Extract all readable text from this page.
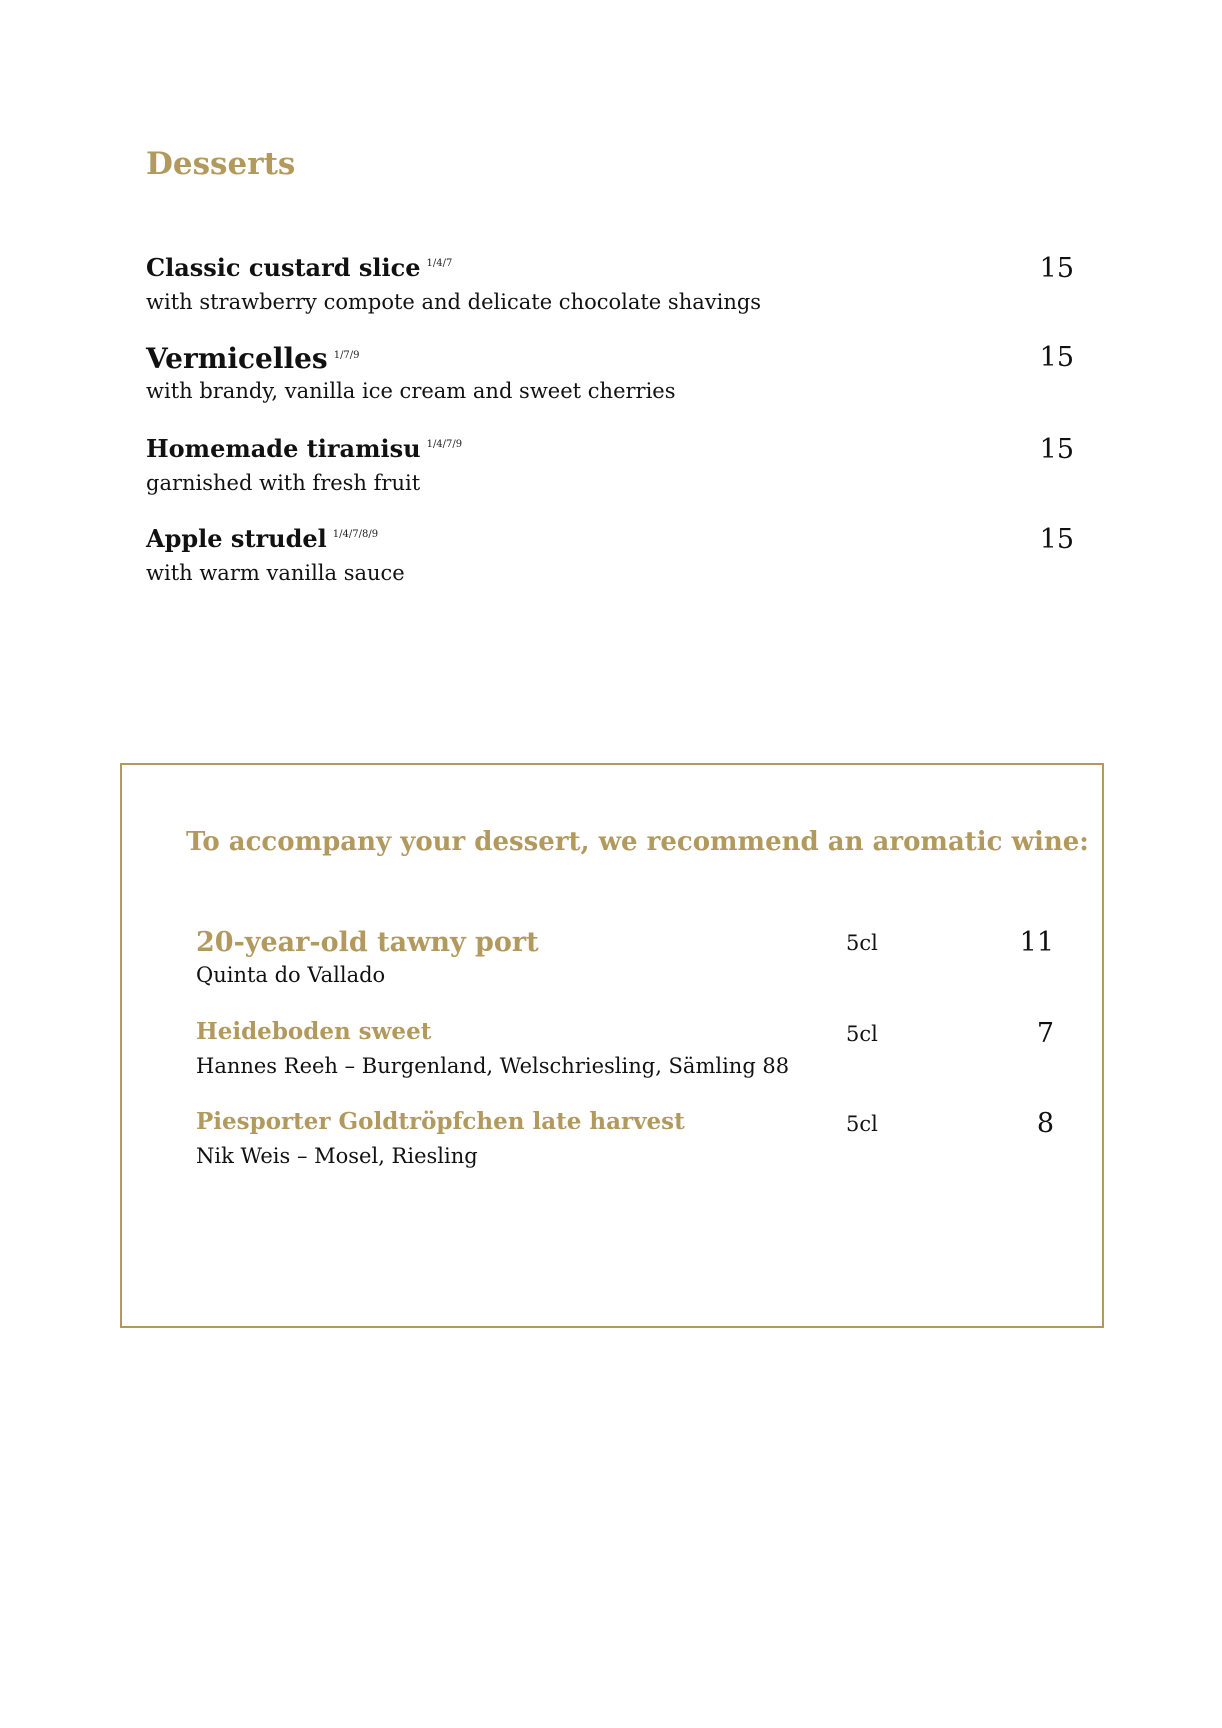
Desserts
Classic custard slice $^{1/4/7}$	15
with strawberry compote and delicate chocolate shavings
Vermicelles $^{1/7/9}$	15
with brandy, vanilla ice cream and sweet cherries
Homemade tiramisu $^{1/4/7/9}$	15
garnished with fresh fruit
Apple strudel $^{1/4/7/8/9}$	15
with warm vanilla sauce
To accompany your dessert, we recommend an aromatic wine:
20-year-old tawny port	5cl	11
Quinta do Vallado
Heideboden sweet	5cl	7
Hannes Reeh – Burgenland, Welschriesling, Sämling 88
Piesporter Goldtröpfchen late harvest	5cl	8
Nik Weis – Mosel, Riesling
